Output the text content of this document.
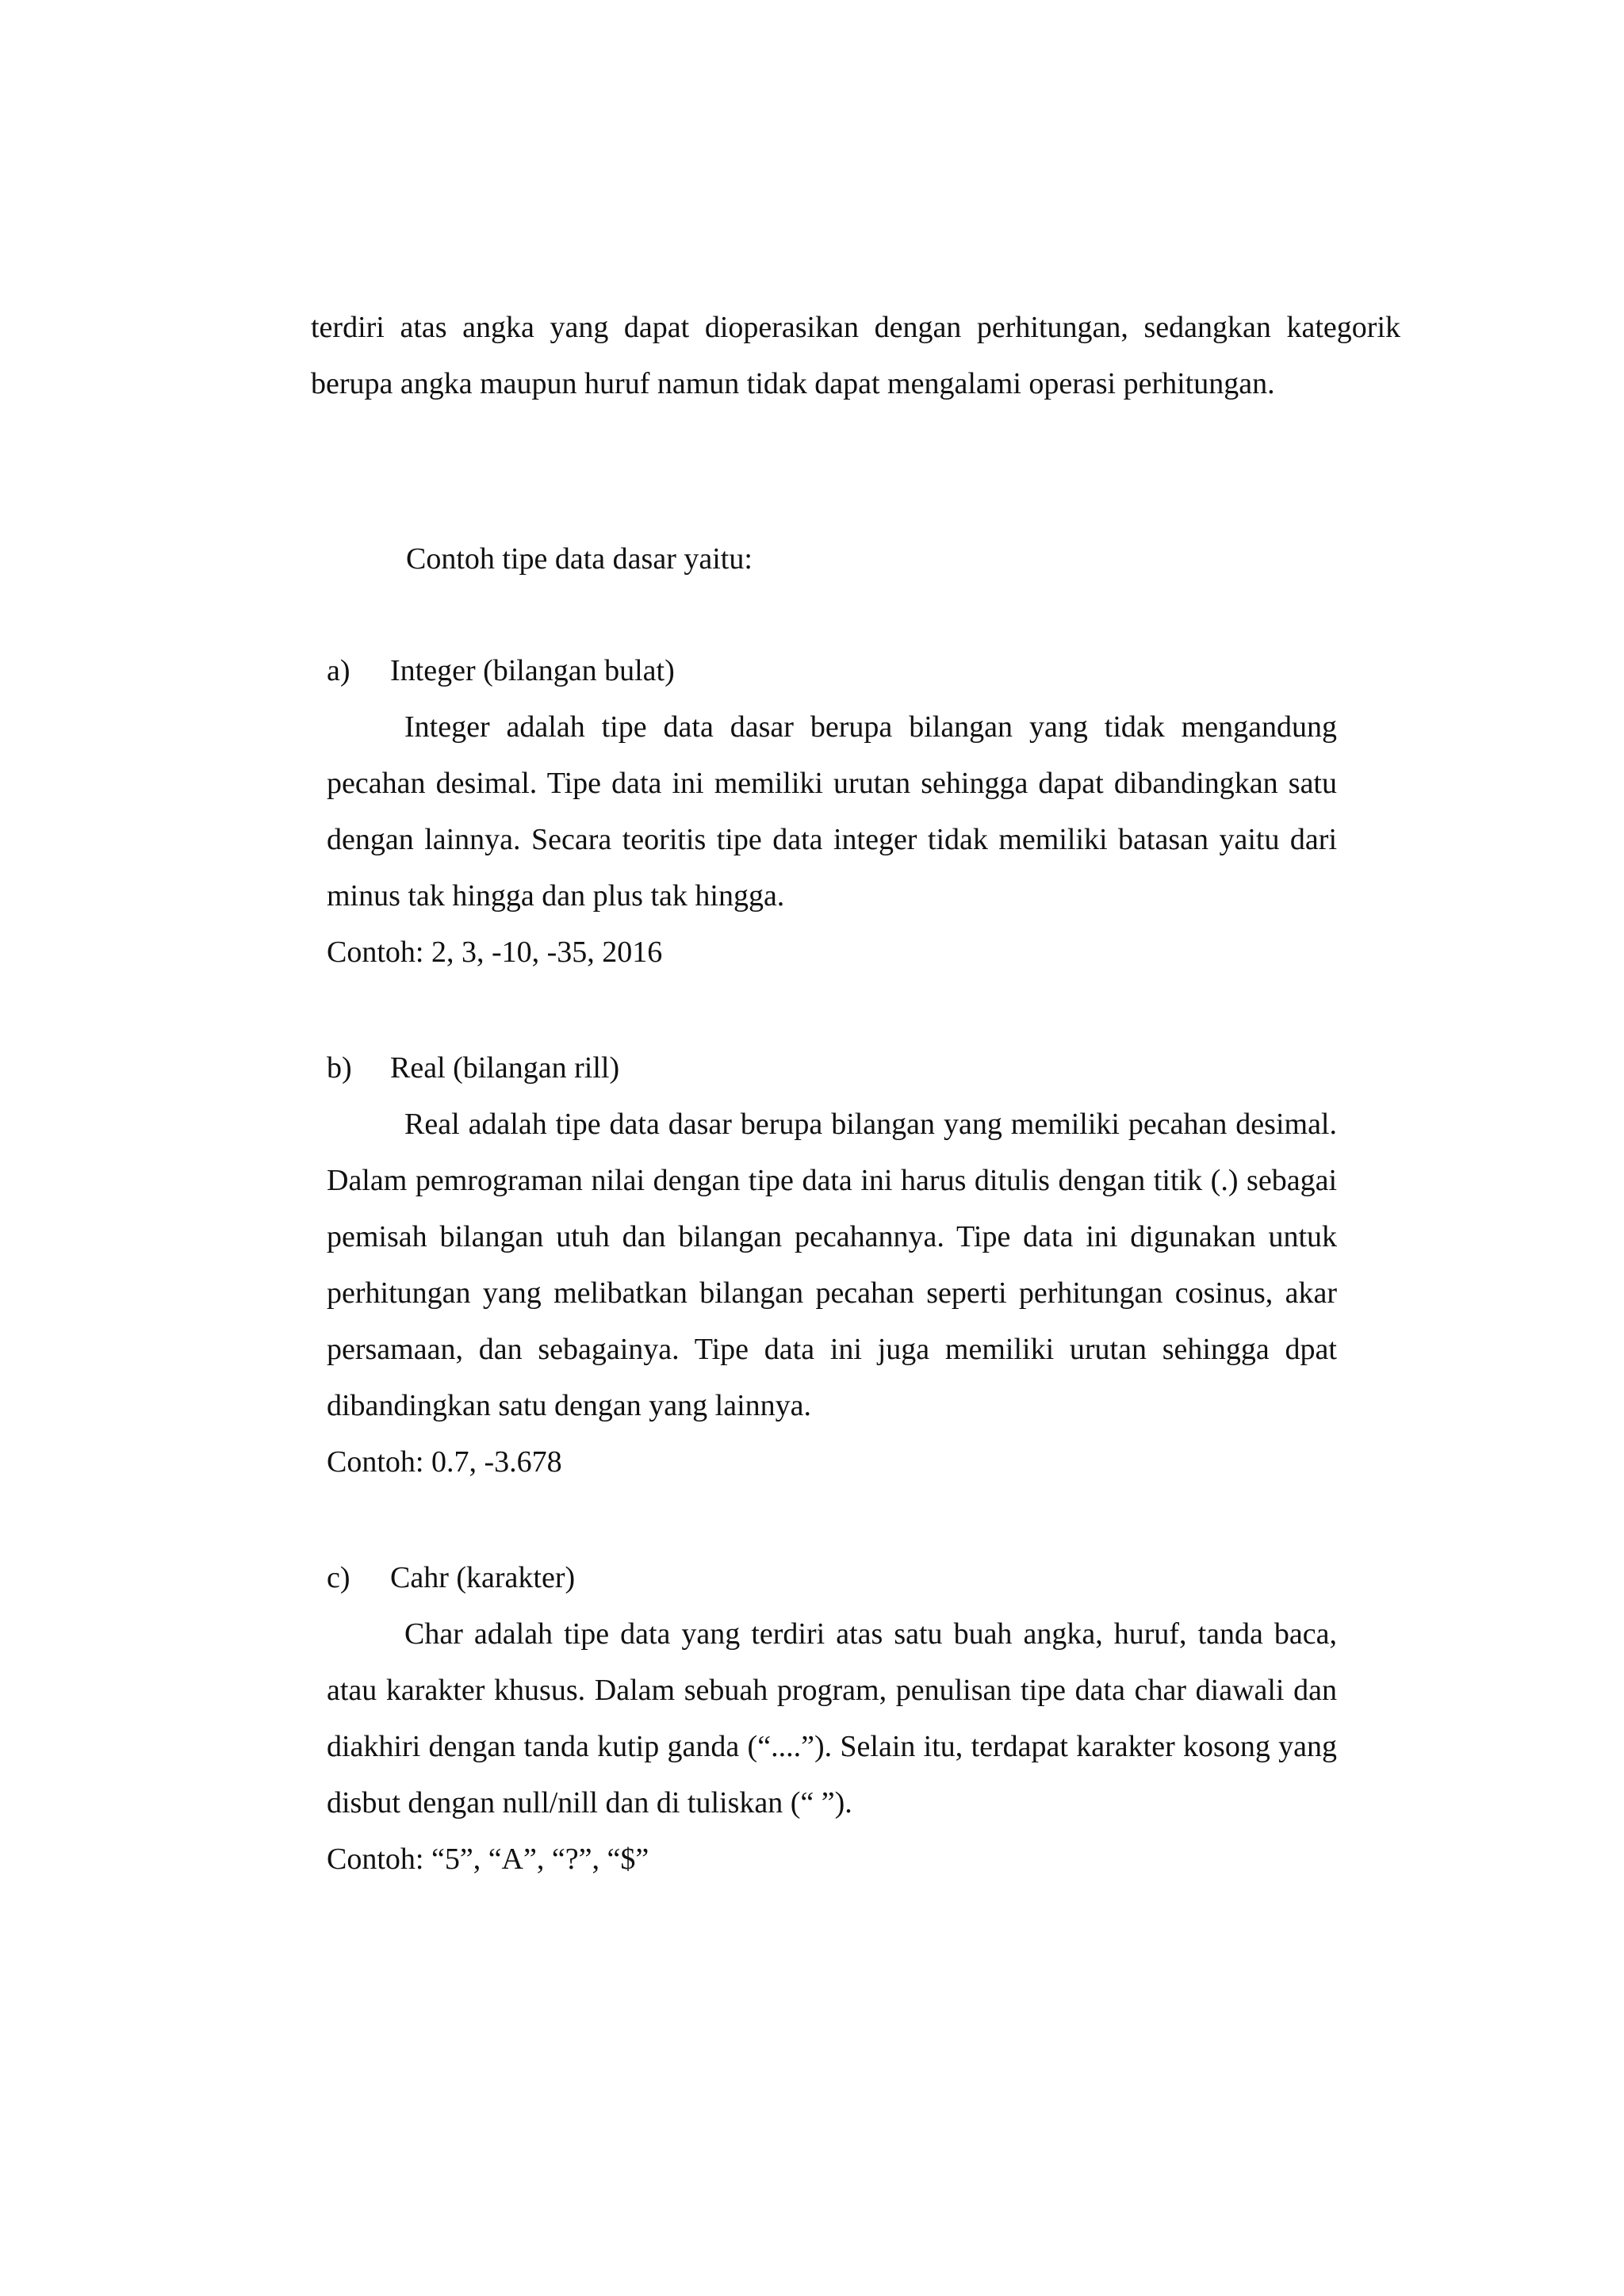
terdiri atas angka yang dapat dioperasikan dengan perhitungan, sedangkan kategorik berupa angka maupun huruf namun tidak dapat mengalami operasi perhitungan.

Contoh tipe data dasar yaitu:

a)	Integer (bilangan bulat)

Integer adalah tipe data dasar berupa bilangan yang tidak mengandung pecahan desimal. Tipe data ini memiliki urutan sehingga dapat dibandingkan satu dengan lainnya. Secara teoritis tipe data integer tidak memiliki batasan yaitu dari minus tak hingga dan plus tak hingga.

Contoh: 2, 3, -10, -35, 2016

b)	Real (bilangan rill)

Real adalah tipe data dasar berupa bilangan yang memiliki pecahan desimal. Dalam pemrograman nilai dengan tipe data ini harus ditulis dengan titik (.) sebagai pemisah bilangan utuh dan bilangan pecahannya. Tipe data ini digunakan untuk perhitungan yang melibatkan bilangan pecahan seperti perhitungan cosinus, akar persamaan, dan sebagainya. Tipe data ini juga memiliki urutan sehingga dpat dibandingkan satu dengan yang lainnya.

Contoh: 0.7, -3.678

c)	Cahr (karakter)

Char adalah tipe data yang terdiri atas satu buah angka, huruf, tanda baca, atau karakter khusus. Dalam sebuah program, penulisan tipe data char diawali dan diakhiri dengan tanda kutip ganda (“....”). Selain itu, terdapat karakter kosong yang disbut dengan null/nill dan di tuliskan (“ ”).

Contoh: “5”, “A”, “?”, “$”
